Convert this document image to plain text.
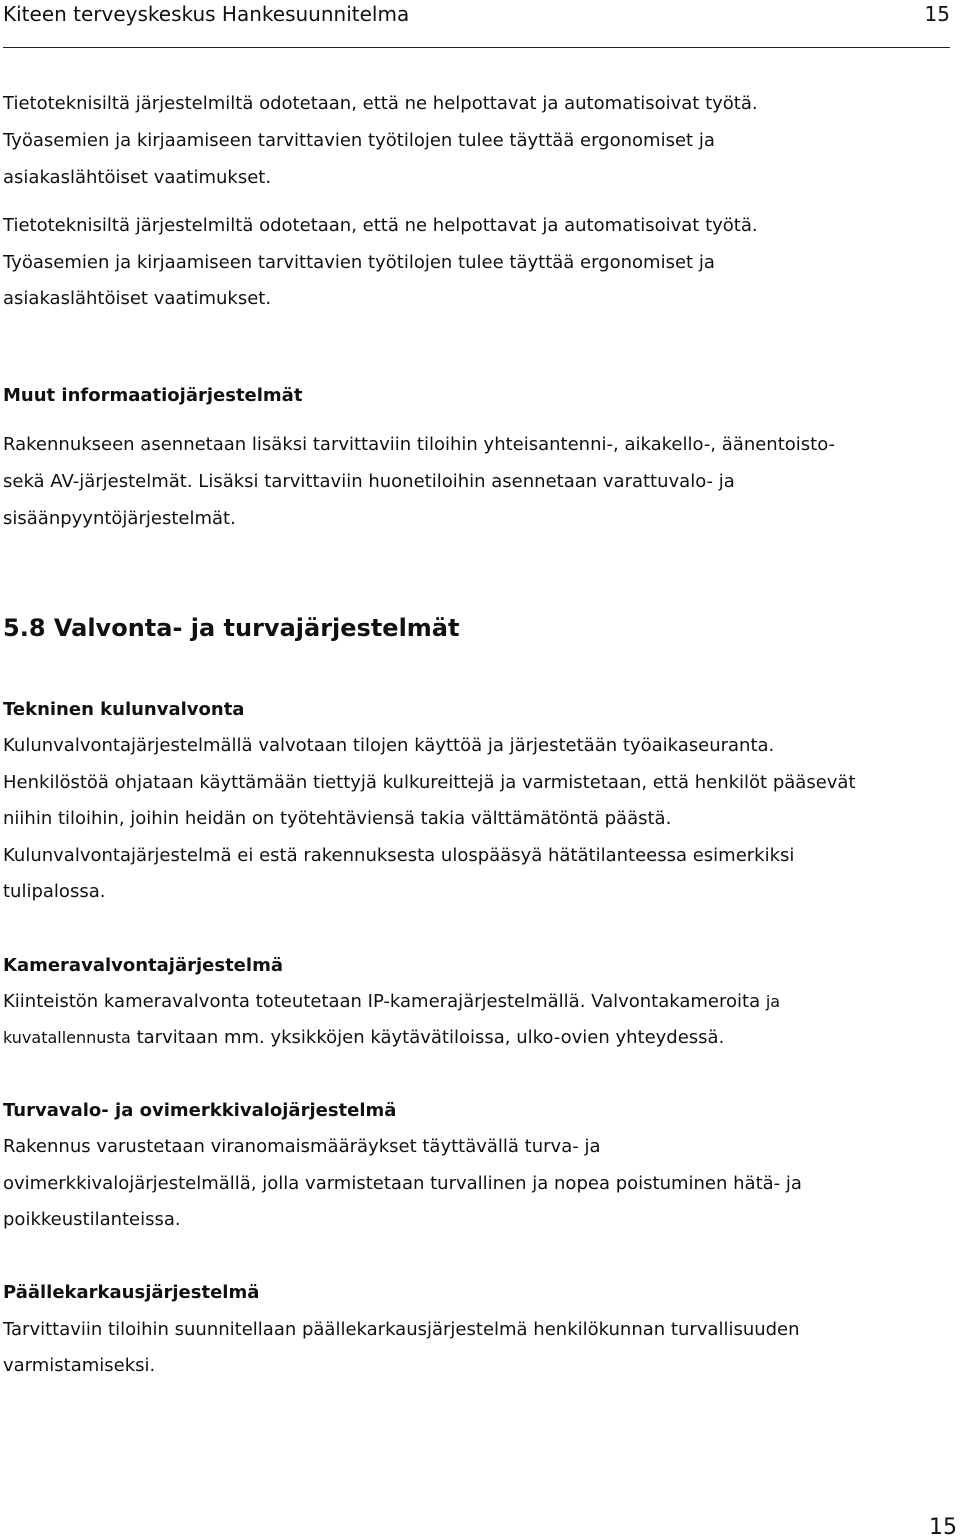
Kiteen terveyskeskus Hankesuunnitelma	15
Tietoteknisiltä järjestelmiltä odotetaan, että ne helpottavat ja automatisoivat työtä.
Työasemien ja kirjaamiseen tarvittavien työtilojen tulee täyttää ergonomiset ja
asiakaslähtöiset vaatimukset.
Tietoteknisiltä järjestelmiltä odotetaan, että ne helpottavat ja automatisoivat työtä.
Työasemien ja kirjaamiseen tarvittavien työtilojen tulee täyttää ergonomiset ja
asiakaslähtöiset vaatimukset.
Muut informaatiojärjestelmät
Rakennukseen asennetaan lisäksi tarvittaviin tiloihin yhteisantenni-, aikakello-, äänentoisto-
sekä AV-järjestelmät. Lisäksi tarvittaviin huonetiloihin asennetaan varattuvalo- ja
sisäänpyyntöjärjestelmät.
5.8 Valvonta- ja turvajärjestelmät
Tekninen kulunvalvonta
Kulunvalvontajärjestelmällä valvotaan tilojen käyttöä ja järjestetään työaikaseuranta.
Henkilöstöä ohjataan käyttämään tiettyjä kulkureittejä ja varmistetaan, että henkilöt pääsevät
niihin tiloihin, joihin heidän on työtehtäviensä takia välttämätöntä päästä.
Kulunvalvontajärjestelmä ei estä rakennuksesta ulospääsyä hätätilanteessa esimerkiksi
tulipalossa.
Kameravalvontajärjestelmä
Kiinteistön kameravalvonta toteutetaan IP-kamerajärjestelmällä. Valvontakameroita ja
kuvatallennusta tarvitaan mm. yksikköjen käytävätiloissa, ulko-ovien yhteydessä.
Turvavalo- ja ovimerkkivalojärjestelmä
Rakennus varustetaan viranomaismääräykset täyttävällä turva- ja
ovimerkkivalojärjestelmällä, jolla varmistetaan turvallinen ja nopea poistuminen hätä- ja
poikkeustilanteissa.
Päällekarkausjärjestelmä
Tarvittaviin tiloihin suunnitellaan päällekarkausjärjestelmä henkilökunnan turvallisuuden
varmistamiseksi.
15
